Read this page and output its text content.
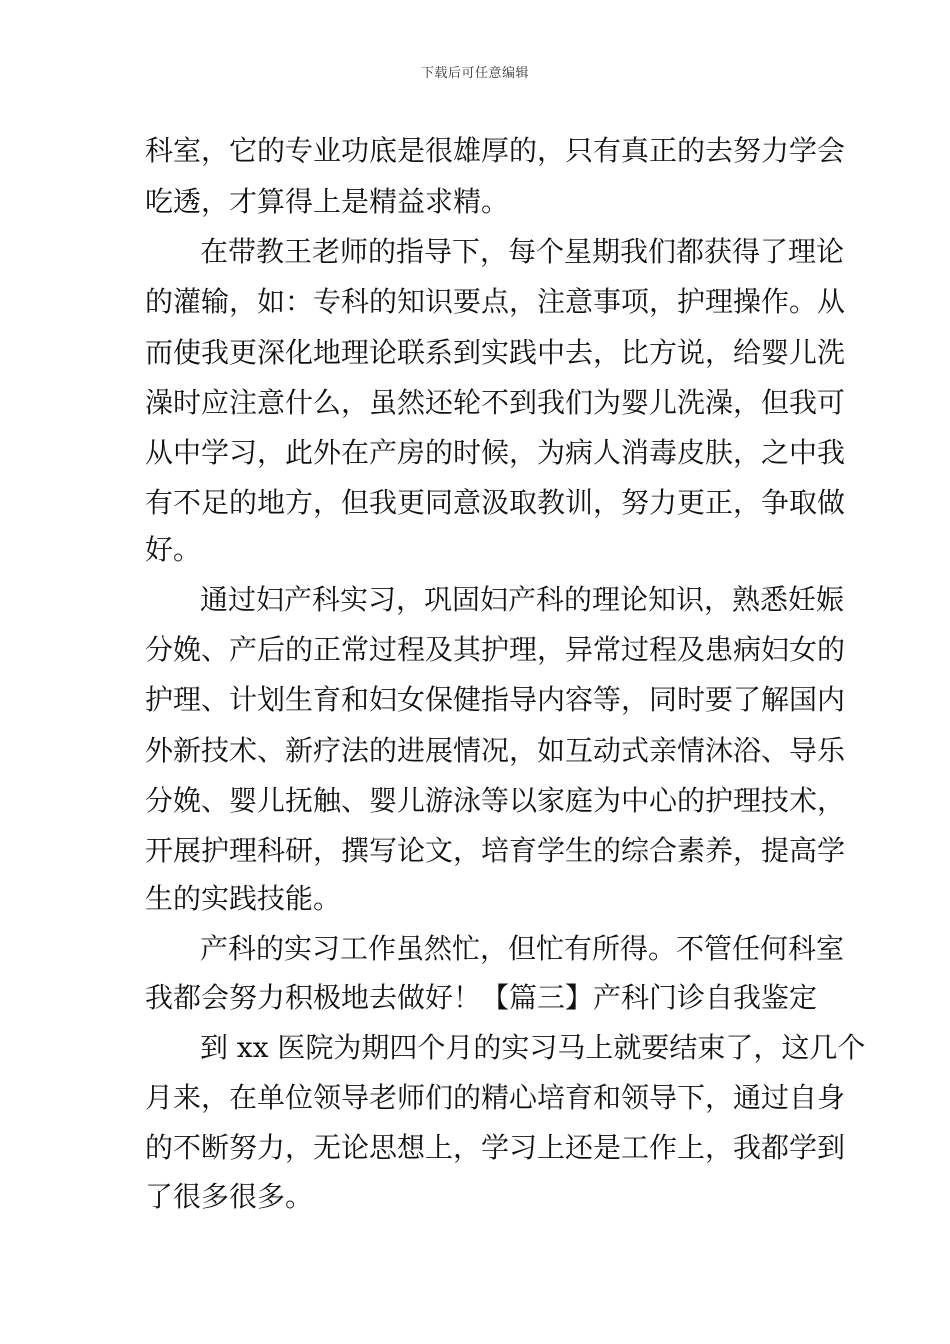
下载后可任意编辑
科室，它的专业功底是很雄厚的，只有真正的去努力学会
吃透，才算得上是精益求精。
在带教王老师的指导下，每个星期我们都获得了理论
的灌输，如：专科的知识要点，注意事项，护理操作。从
而使我更深化地理论联系到实践中去，比方说，给婴儿洗
澡时应注意什么，虽然还轮不到我们为婴儿洗澡，但我可
从中学习，此外在产房的时候，为病人消毒皮肤，之中我
有不足的地方，但我更同意汲取教训，努力更正，争取做
好。
通过妇产科实习，巩固妇产科的理论知识，熟悉妊娠
分娩、产后的正常过程及其护理，异常过程及患病妇女的
护理、计划生育和妇女保健指导内容等，同时要了解国内
外新技术、新疗法的进展情况，如互动式亲情沐浴、导乐
分娩、婴儿抚触、婴儿游泳等以家庭为中心的护理技术，
开展护理科研，撰写论文，培育学生的综合素养，提高学
生的实践技能。
产科的实习工作虽然忙，但忙有所得。不管任何科室
我都会努力积极地去做好！【篇三】产科门诊自我鉴定
到 xx 医院为期四个月的实习马上就要结束了，这几个
月来，在单位领导老师们的精心培育和领导下，通过自身
的不断努力，无论思想上，学习上还是工作上，我都学到
了很多很多。
